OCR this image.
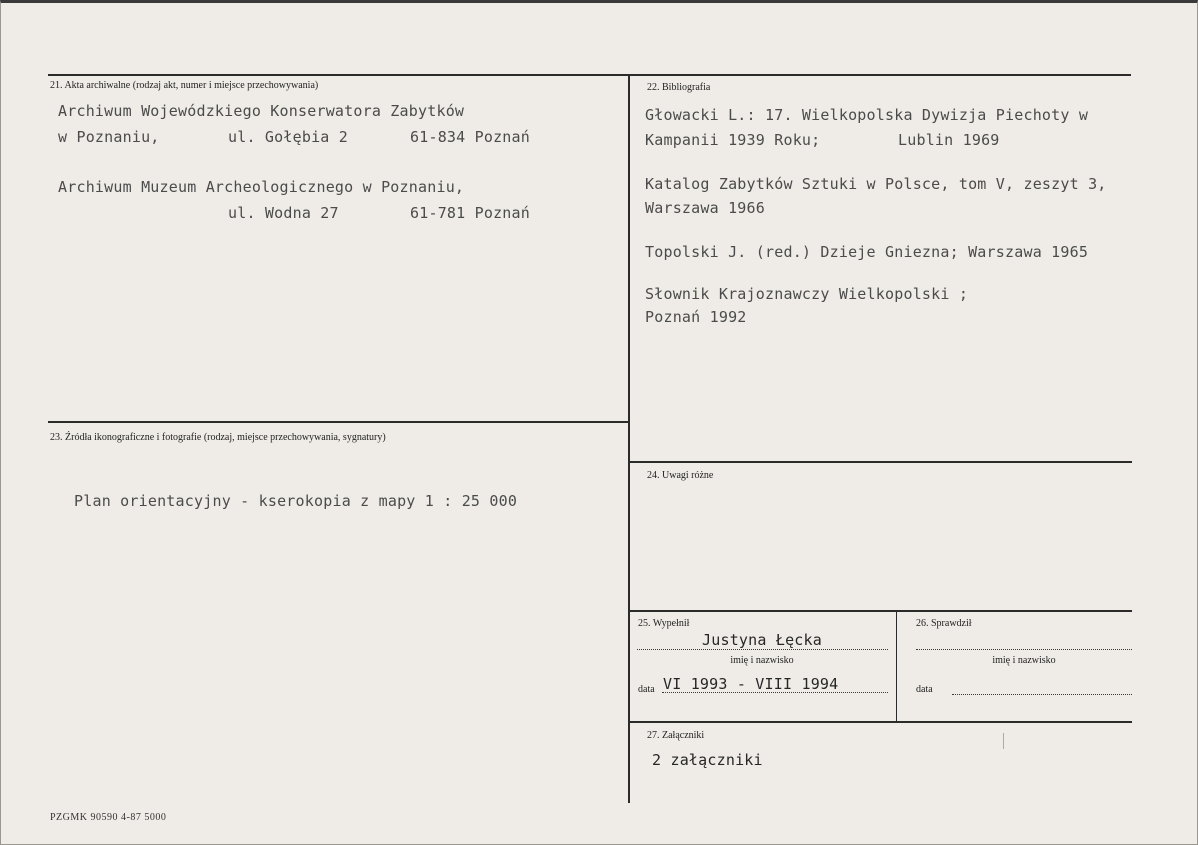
21. Akta archiwalne (rodzaj akt, numer i miejsce przechowywania)
Archiwum Wojewódzkiego Konserwatora Zabytków
w Poznaniu,	ul. Gołębia 2	61-834 Poznań
Archiwum Muzeum Archeologicznego w Poznaniu,
ul. Wodna 27	61-781 Poznań
22. Bibliografia
Głowacki L.: 17. Wielkopolska Dywizja Piechoty w
Kampanii 1939 Roku;	Lublin 1969
Katalog Zabytków Sztuki w Polsce, tom V, zeszyt 3,
Warszawa 1966
Topolski J. (red.) Dzieje Gniezna; Warszawa 1965
Słownik Krajoznawczy Wielkopolski ;
Poznań 1992
23. Źródła ikonograficzne i fotografie (rodzaj, miejsce przechowywania, sygnatury)
Plan orientacyjny - kserokopia z mapy 1 : 25 000
24. Uwagi różne
25. Wypełnił
Justyna Łęcka
imię i nazwisko
data VI 1993 - VIII 1994
26. Sprawdził
imię i nazwisko
data
27. Załączniki
2 załączniki
PZGMK 90590 4-87 5000
